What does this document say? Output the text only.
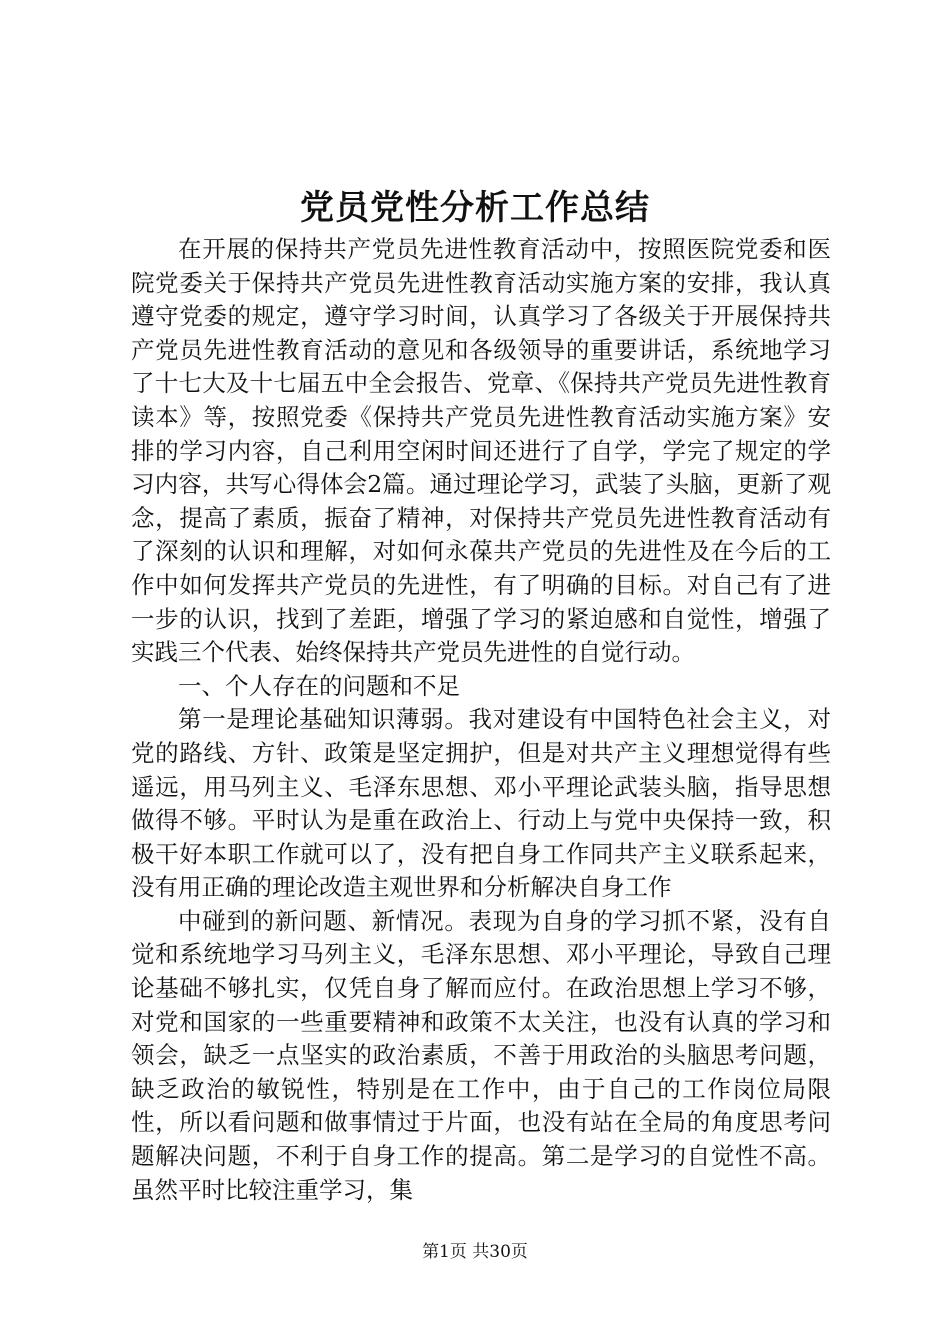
党员党性分析工作总结

在开展的保持共产党员先进性教育活动中，按照医院党委和医院党委关于保持共产党员先进性教育活动实施方案的安排，我认真遵守党委的规定，遵守学习时间，认真学习了各级关于开展保持共产党员先进性教育活动的意见和各级领导的重要讲话，系统地学习了十七大及十七届五中全会报告、党章、《保持共产党员先进性教育读本》等，按照党委《保持共产党员先进性教育活动实施方案》安排的学习内容，自己利用空闲时间还进行了自学，学完了规定的学习内容，共写心得体会2篇。通过理论学习，武装了头脑，更新了观念，提高了素质，振奋了精神，对保持共产党员先进性教育活动有了深刻的认识和理解，对如何永葆共产党员的先进性及在今后的工作中如何发挥共产党员的先进性，有了明确的目标。对自己有了进一步的认识，找到了差距，增强了学习的紧迫感和自觉性，增强了实践三个代表、始终保持共产党员先进性的自觉行动。

一、个人存在的问题和不足

第一是理论基础知识薄弱。我对建设有中国特色社会主义，对党的路线、方针、政策是坚定拥护，但是对共产主义理想觉得有些遥远，用马列主义、毛泽东思想、邓小平理论武装头脑，指导思想做得不够。平时认为是重在政治上、行动上与党中央保持一致，积极干好本职工作就可以了，没有把自身工作同共产主义联系起来，没有用正确的理论改造主观世界和分析解决自身工作

中碰到的新问题、新情况。表现为自身的学习抓不紧，没有自觉和系统地学习马列主义，毛泽东思想、邓小平理论，导致自己理论基础不够扎实，仅凭自身了解而应付。在政治思想上学习不够，对党和国家的一些重要精神和政策不太关注，也没有认真的学习和领会，缺乏一点坚实的政治素质，不善于用政治的头脑思考问题，缺乏政治的敏锐性，特别是在工作中，由于自己的工作岗位局限性，所以看问题和做事情过于片面，也没有站在全局的角度思考问题解决问题，不利于自身工作的提高。第二是学习的自觉性不高。虽然平时比较注重学习，集

第1页 共30页
